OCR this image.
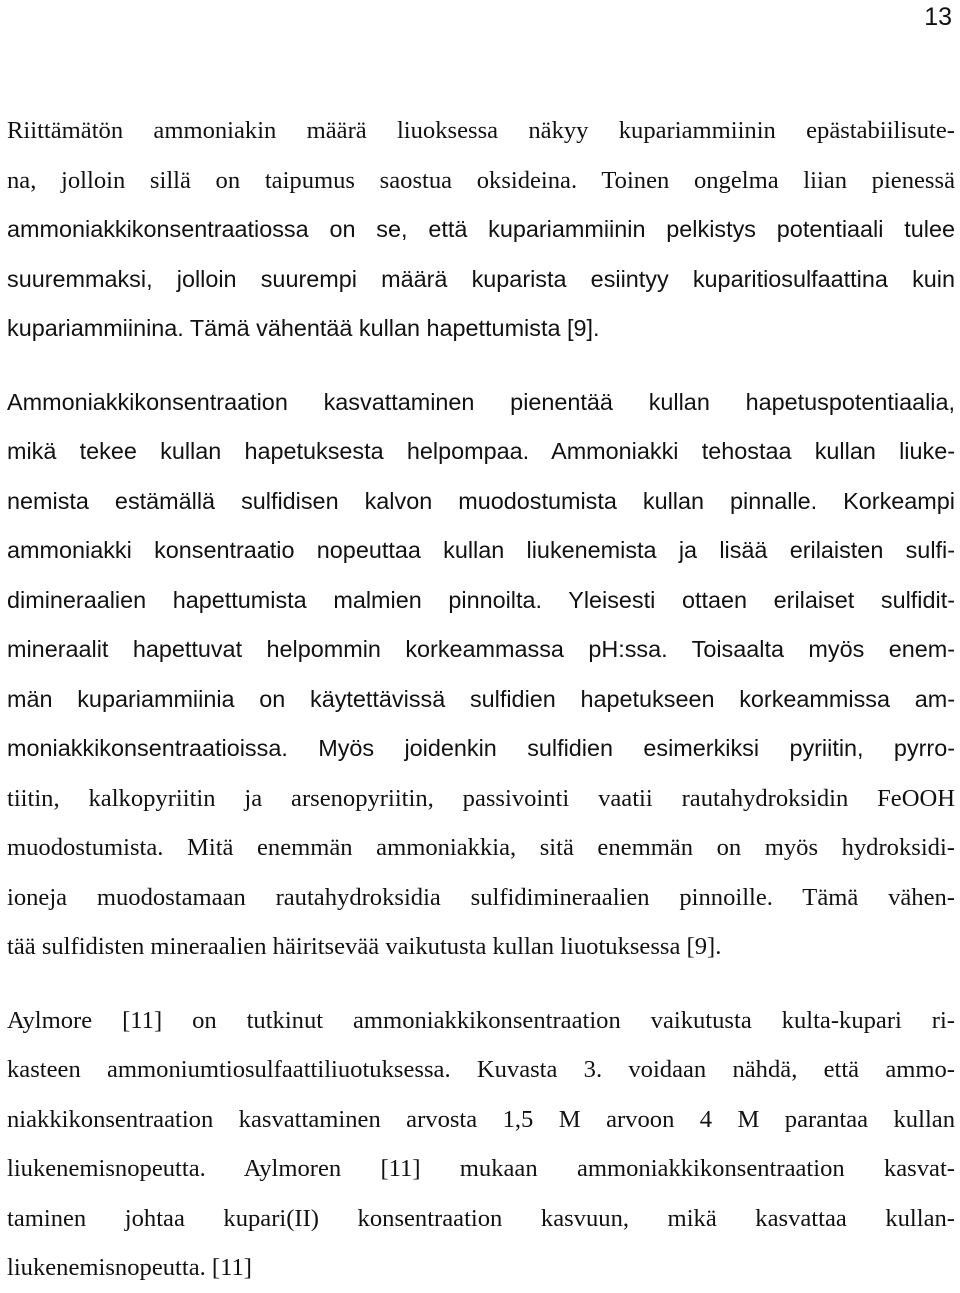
13
Riittämätön ammoniakin määrä liuoksessa näkyy kupariammiinin epästabiilisute-
na, jolloin sillä on taipumus saostua oksideina. Toinen ongelma liian pienessä
ammoniakkikonsentraatiossa on se, että kupariammiinin pelkistys potentiaali tulee
suuremmaksi, jolloin suurempi määrä kuparista esiintyy kuparitiosulfaattina kuin
kupariammiinina. Tämä vähentää kullan hapettumista [9].
Ammoniakkikonsentraation kasvattaminen pienentää kullan hapetuspotentiaalia,
mikä tekee kullan hapetuksesta helpompaa. Ammoniakki tehostaa kullan liuke-
nemista estämällä sulfidisen kalvon muodostumista kullan pinnalle. Korkeampi
ammoniakki konsentraatio nopeuttaa kullan liukenemista ja lisää erilaisten sulfi-
dimineraalien hapettumista malmien pinnoilta. Yleisesti ottaen erilaiset sulfidit-
mineraalit hapettuvat helpommin korkeammassa pH:ssa. Toisaalta myös enem-
män kupariammiinia on käytettävissä sulfidien hapetukseen korkeammissa am-
moniakkikonsentraatioissa. Myös joidenkin sulfidien esimerkiksi pyriitin, pyrro-
tiitin, kalkopyriitin ja arsenopyriitin, passivointi vaatii rautahydroksidin FeOOH
muodostumista. Mitä enemmän ammoniakkia, sitä enemmän on myös hydroksidi-
ioneja muodostamaan rautahydroksidia sulfidimineraalien pinnoille. Tämä vähen-
tää sulfidisten mineraalien häiritsevää vaikutusta kullan liuotuksessa [9].
Aylmore [11] on tutkinut ammoniakkikonsentraation vaikutusta kulta-kupari ri-
kasteen ammoniumtiosulfaattiliuotuksessa. Kuvasta 3. voidaan nähdä, että ammo-
niakkikonsentraation kasvattaminen arvosta 1,5 M arvoon 4 M parantaa kullan
liukenemisnopeutta. Aylmoren [11] mukaan ammoniakkikonsentraation kasvat-
taminen johtaa kupari(II) konsentraation kasvuun, mikä kasvattaa kullan-
liukenemisnopeutta. [11]
